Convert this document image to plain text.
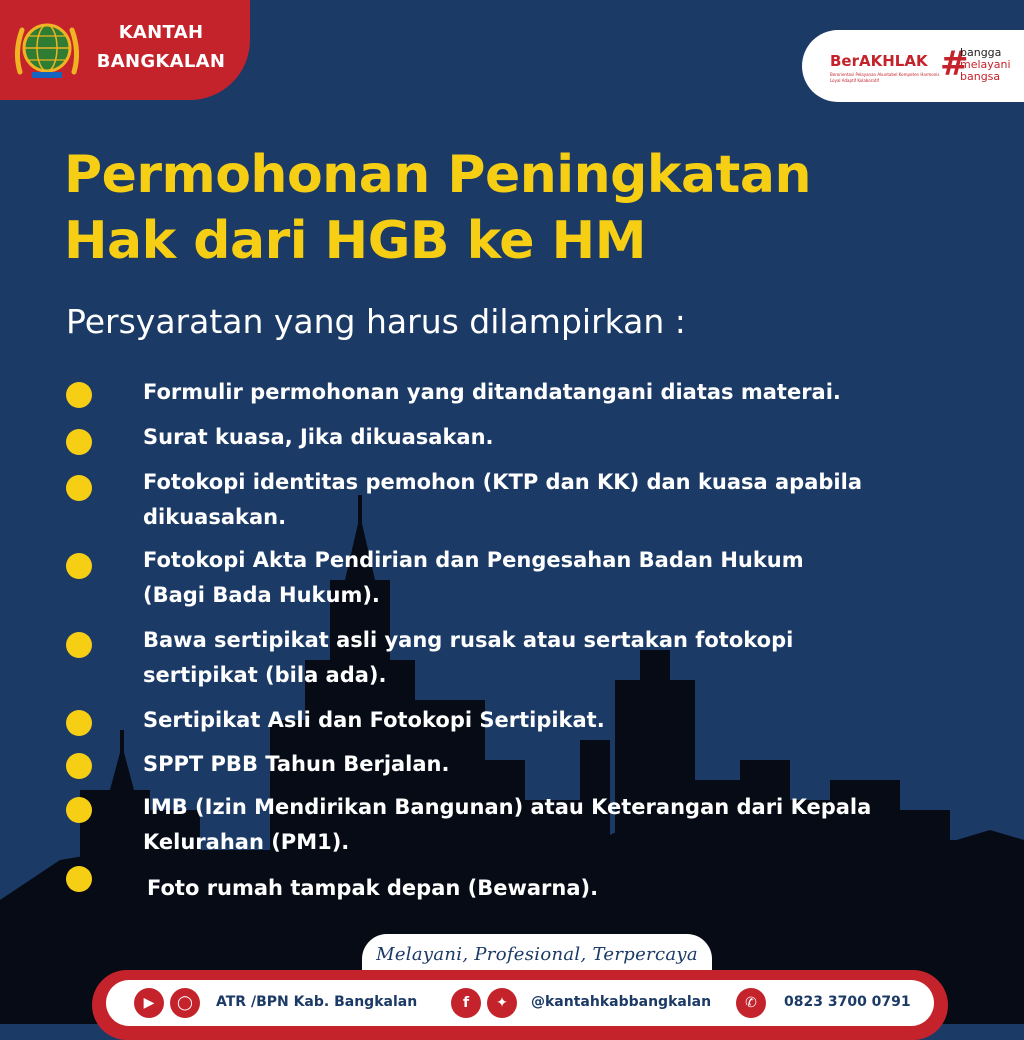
KANTAH
BANGKALAN	BerAKHLAK
Berorientasi Pelayanan Akuntabel Kompeten Harmonis Loyal Adaptif Kolaboratif	#
bangga
melayani
bangsa
Permohonan Peningkatan
Hak dari HGB ke HM
Persyaratan yang harus dilampirkan :
Formulir permohonan yang ditandatangani diatas materai.
Surat kuasa, Jika dikuasakan.
Fotokopi identitas pemohon (KTP dan KK) dan kuasa apabila
dikuasakan.
Fotokopi Akta Pendirian dan Pengesahan Badan Hukum
(Bagi Bada Hukum).
Bawa sertipikat asli yang rusak atau sertakan fotokopi
sertipikat (bila ada).
Sertipikat Asli dan Fotokopi Sertipikat.
SPPT PBB Tahun Berjalan.
IMB (Izin Mendirikan Bangunan) atau Keterangan dari Kepala
Kelurahan (PM1).
Foto rumah tampak depan (Bewarna).
Melayani, Profesional, Terpercaya
▶	◯	ATR /BPN Kab. Bangkalan	f	✦	@kantahkabbangkalan	✆	0823 3700 0791
